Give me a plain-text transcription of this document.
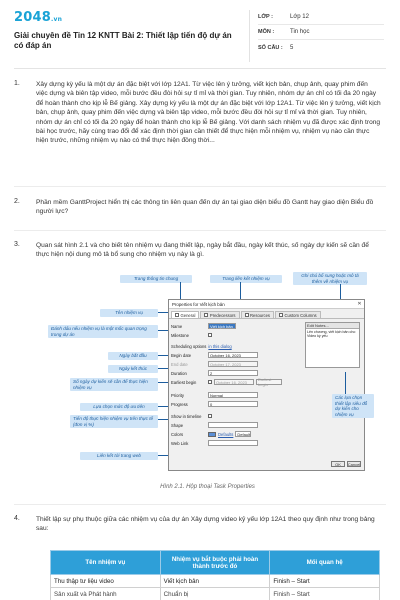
2048.vn
Giải chuyên đề Tin 12 KNTT Bài 2: Thiết lập tiến độ dự án có đáp án
LỚP :	Lớp 12
MÔN :	Tin học
SỐ CÂU :	5
1.	Xây dựng kỳ yếu là một dự án đặc biệt với lớp 12A1. Từ việc lên ý tưởng, viết kịch bản, chụp ảnh, quay phim đến việc dựng và biên tập video, mỗi bước đều đòi hỏi sự tỉ mỉ và thời gian. Tuy nhiên, nhóm dự án chỉ có tối đa 20 ngày để hoàn thành cho kịp lễ Bế giảng. Xây dựng kỳ yếu là một dự án đặc biệt với lớp 12A1. Từ việc lên ý tưởng, viết kịch bản, chụp ảnh, quay phim đến việc dựng và biên tập video, mỗi bước đều đòi hỏi sự tỉ mỉ và thời gian. Tuy nhiên, nhóm dự án chỉ có tối đa 20 ngày để hoàn thành cho kịp lễ Bế giảng. Với danh sách nhiệm vụ đã được xác định trong bài học trước, hãy cùng trao đổi để xác định thời gian cần thiết để thực hiện mỗi nhiệm vụ, nhiệm vụ nào cần thực hiện trước, những nhiệm vụ nào có thể thực hiện đồng thời...
2.	Phần mềm GanttProject hiển thị các thông tin liên quan đến dự án tại giao diện biểu đồ Gantt hay giao diện Biểu đồ người lực?
3.	Quan sát hình 2.1 và cho biết tên nhiệm vụ đang thiết lập, ngày bắt đầu, ngày kết thúc, số ngày dự kiến sẽ cần để thực hiện nội dung mô tả bổ sung cho nhiệm vụ này là gì.
Trang thông tin chung	Trang liên kết nhiệm vụ
Ghi chú bổ sung hoặc mô tả thêm về nhiệm vụ
Tên nhiệm vụ
Đánh dấu nếu nhiệm vụ là một mốc quan trọng trong dự án
Ngày bắt đầu
Ngày kết thúc
Số ngày dự kiến sẽ cần để thực hiện nhiệm vụ
Lựa chọn mức độ ưu tiên
Tiến độ thực hiện nhiệm vụ trên thực tế (đơn vị %)
Liên kết tới trang web
Properties for Viết kịch bản	✕
General	Predecessors	Resources	Custom Columns
Name	Viết kịch bản
Milestone
Scheduling options in this dialog
Begin date	October 16, 2023
End date	October 17, 2023
Duration	2
Earliest begin	October 16, 2023	Earliest begin
Priority	Normal
Progress	0
Show in timeline
Shape
Colors	Defaults	Default
Web Link
Edit Notes...
Lên chương, viết kịch bản cho Video kỷ yếu
OK	Cancel
Các lựa chọn thiết lập siêu đỗ dự kiến cho nhiệm vụ
Hình 2.1. Hộp thoại Task Properties
4.	Thiết lập sự phụ thuộc giữa các nhiệm vụ của dự án Xây dựng video kỷ yếu lớp 12A1 theo quy định như trong bảng sau:
Tên nhiệm vụ	Nhiệm vụ bắt buộc phải hoàn thành trước đó	Mối quan hệ
Thu thập tư liệu video	Viết kịch bản	Finish – Start
Sản xuất và Phát hành	Chuẩn bị	Finish – Start
